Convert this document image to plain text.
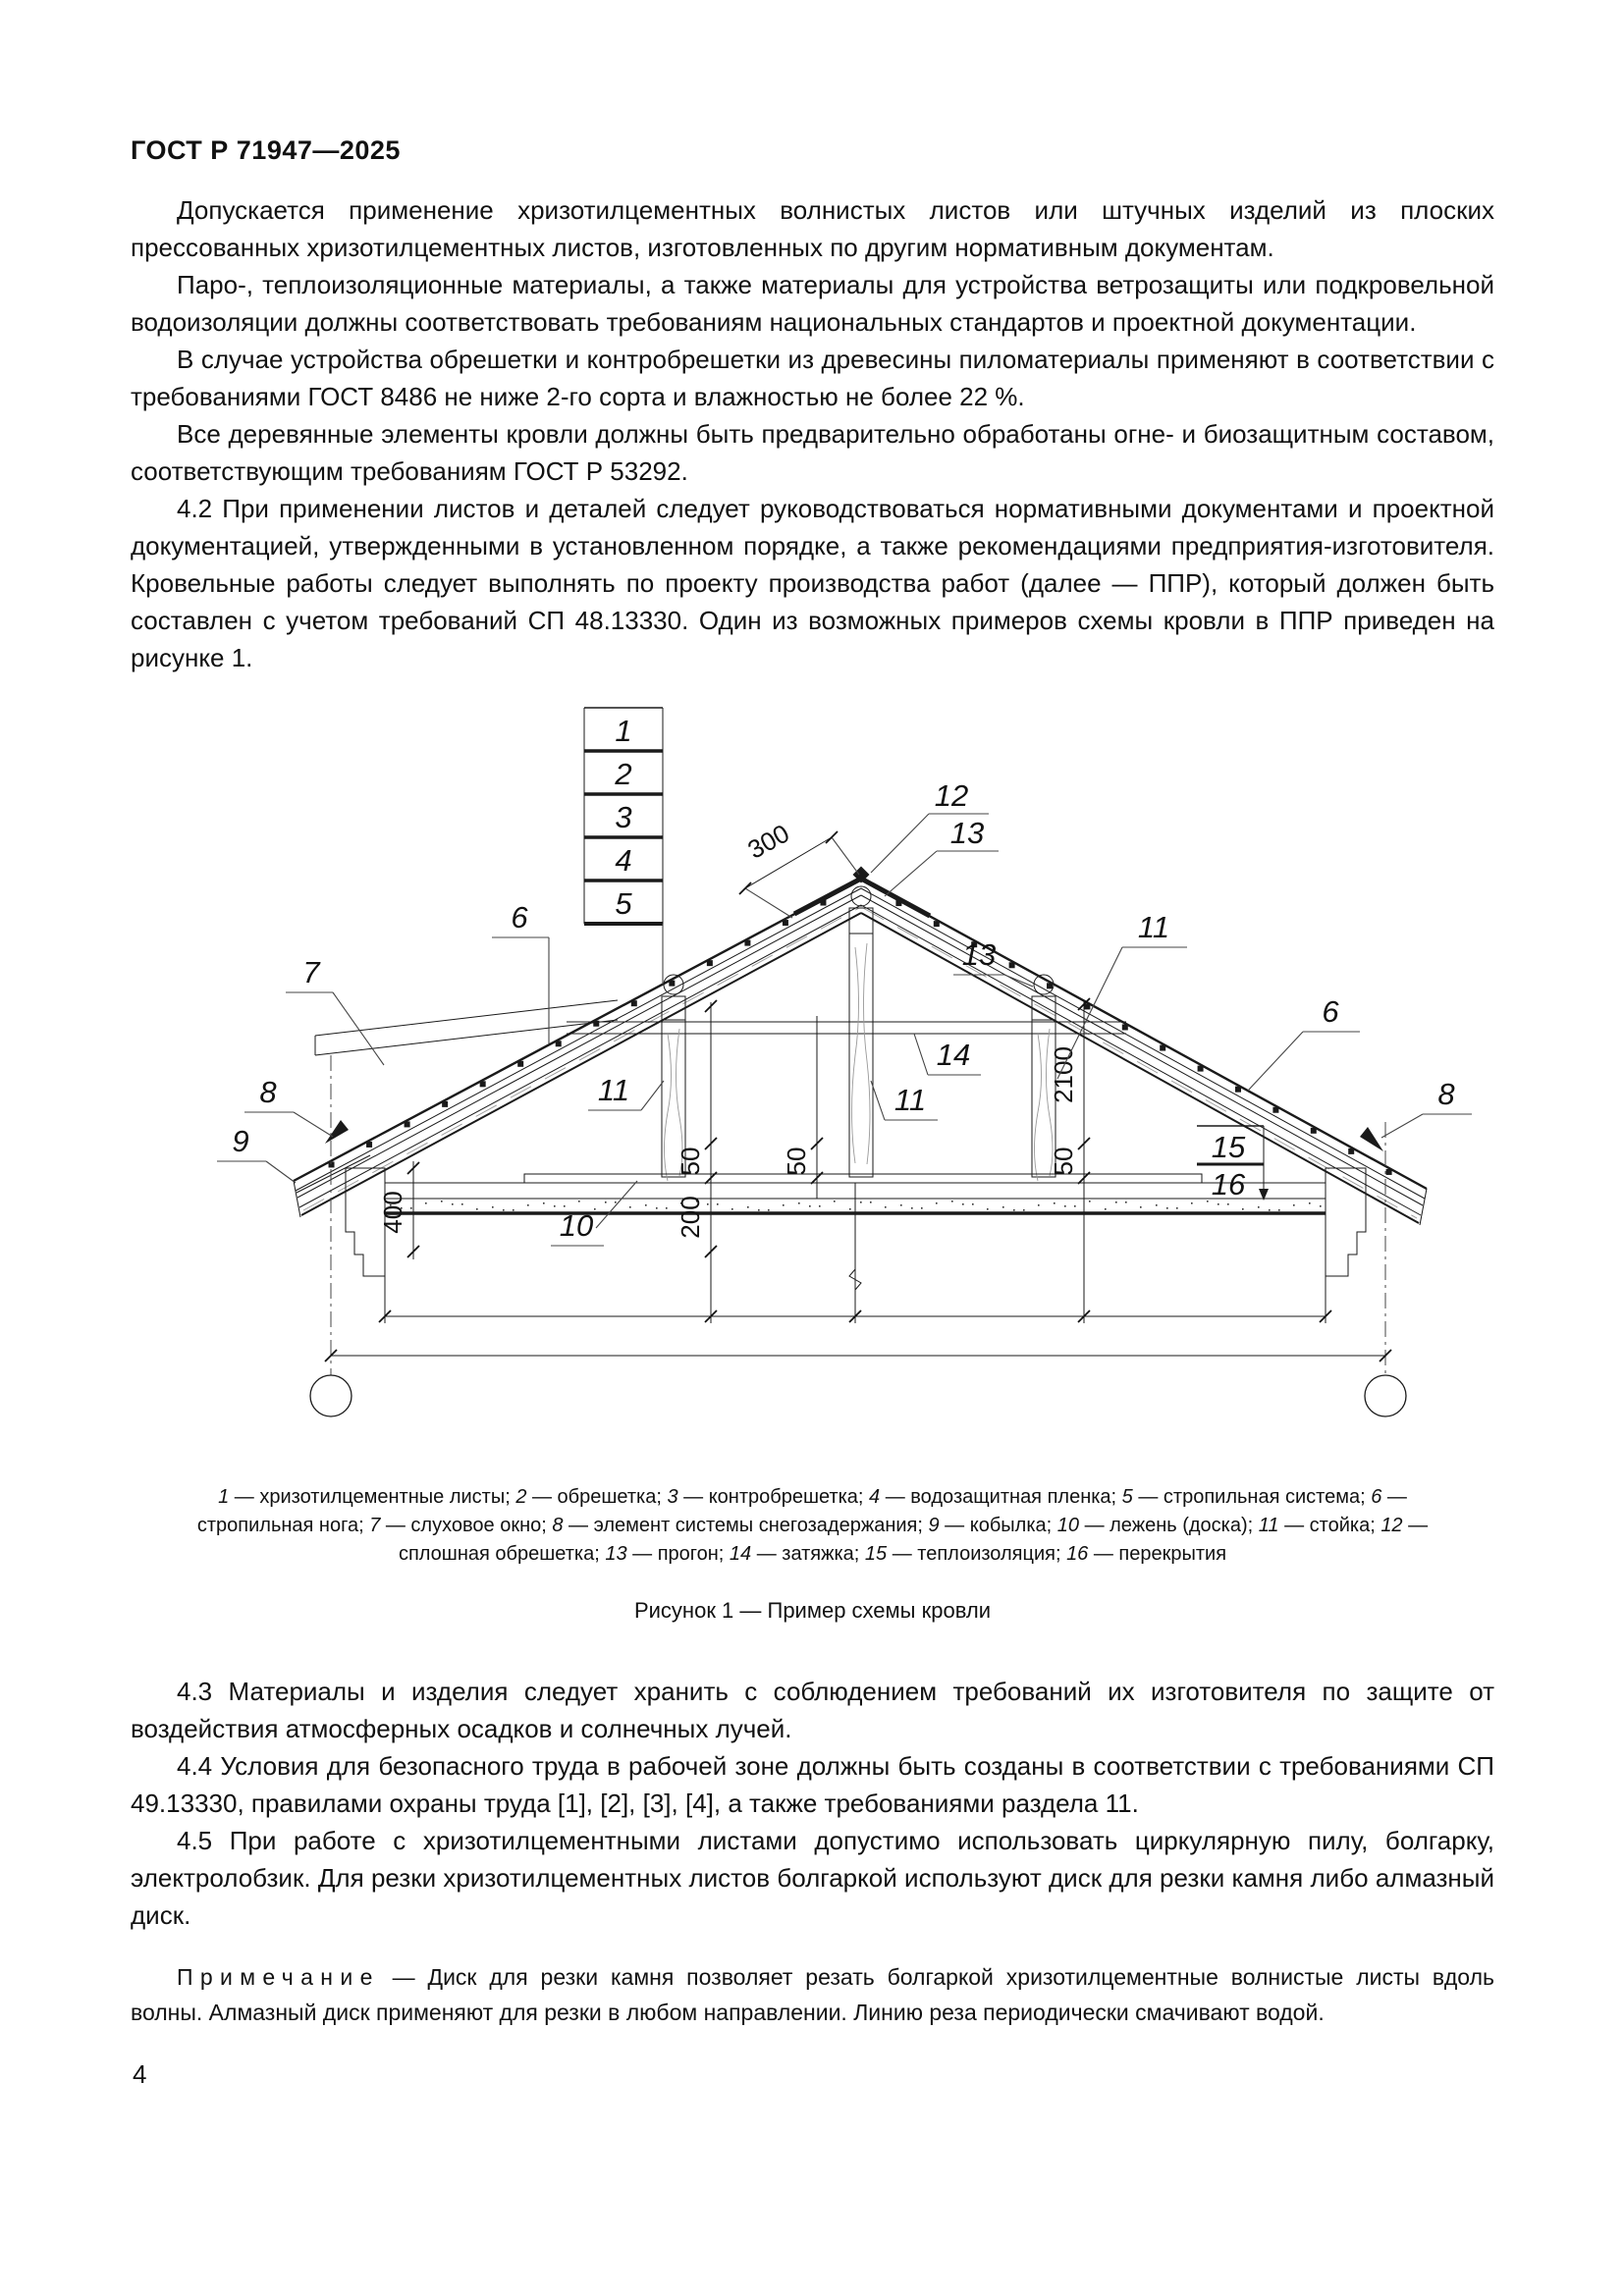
ГОСТ Р 71947—2025

Допускается применение хризотилцементных волнистых листов или штучных изделий из плоских прессованных хризотилцементных листов, изготовленных по другим нормативным документам.

Паро-, теплоизоляционные материалы, а также материалы для устройства ветрозащиты или подкровельной водоизоляции должны соответствовать требованиям национальных стандартов и проектной документации.

В случае устройства обрешетки и контробрешетки из древесины пиломатериалы применяют в соответствии с требованиями ГОСТ 8486 не ниже 2-го сорта и влажностью не более 22 %.

Все деревянные элементы кровли должны быть предварительно обработаны огне- и биозащитным составом, соответствующим требованиям ГОСТ Р 53292.

4.2 При применении листов и деталей следует руководствоваться нормативными документами и проектной документацией, утвержденными в установленном порядке, а также рекомендациями предприятия-изготовителя. Кровельные работы следует выполнять по проекту производства работ (далее — ППР), который должен быть составлен с учетом требований СП 48.13330. Один из возможных примеров схемы кровли в ППР приведен на рисунке 1.

1
2
3
4
5
300
2100
50
50
50
200
400
12
13
6
7
11
13
6
14
8	8
9
11	11
10
15
16
1 — хризотилцементные листы; 2 — обрешетка; 3 — контробрешетка; 4 — водозащитная пленка; 5 — стропильная система; 6 — стропильная нога; 7 — слуховое окно; 8 — элемент системы снегозадержания; 9 — кобылка; 10 — лежень (доска); 11 — стойка; 12 — сплошная обрешетка; 13 — прогон; 14 — затяжка; 15 — теплоизоляция; 16 — перекрытия
Рисунок 1 — Пример схемы кровли

4.3 Материалы и изделия следует хранить с соблюдением требований их изготовителя по защите от воздействия атмосферных осадков и солнечных лучей.

4.4 Условия для безопасного труда в рабочей зоне должны быть созданы в соответствии с требованиями СП 49.13330, правилами охраны труда [1], [2], [3], [4], а также требованиями раздела 11.

4.5 При работе с хризотилцементными листами допустимо использовать циркулярную пилу, болгарку, электролобзик. Для резки хризотилцементных листов болгаркой используют диск для резки камня либо алмазный диск.

Примечание — Диск для резки камня позволяет резать болгаркой хризотилцементные волнистые листы вдоль волны. Алмазный диск применяют для резки в любом направлении. Линию реза периодически смачивают водой.
4
